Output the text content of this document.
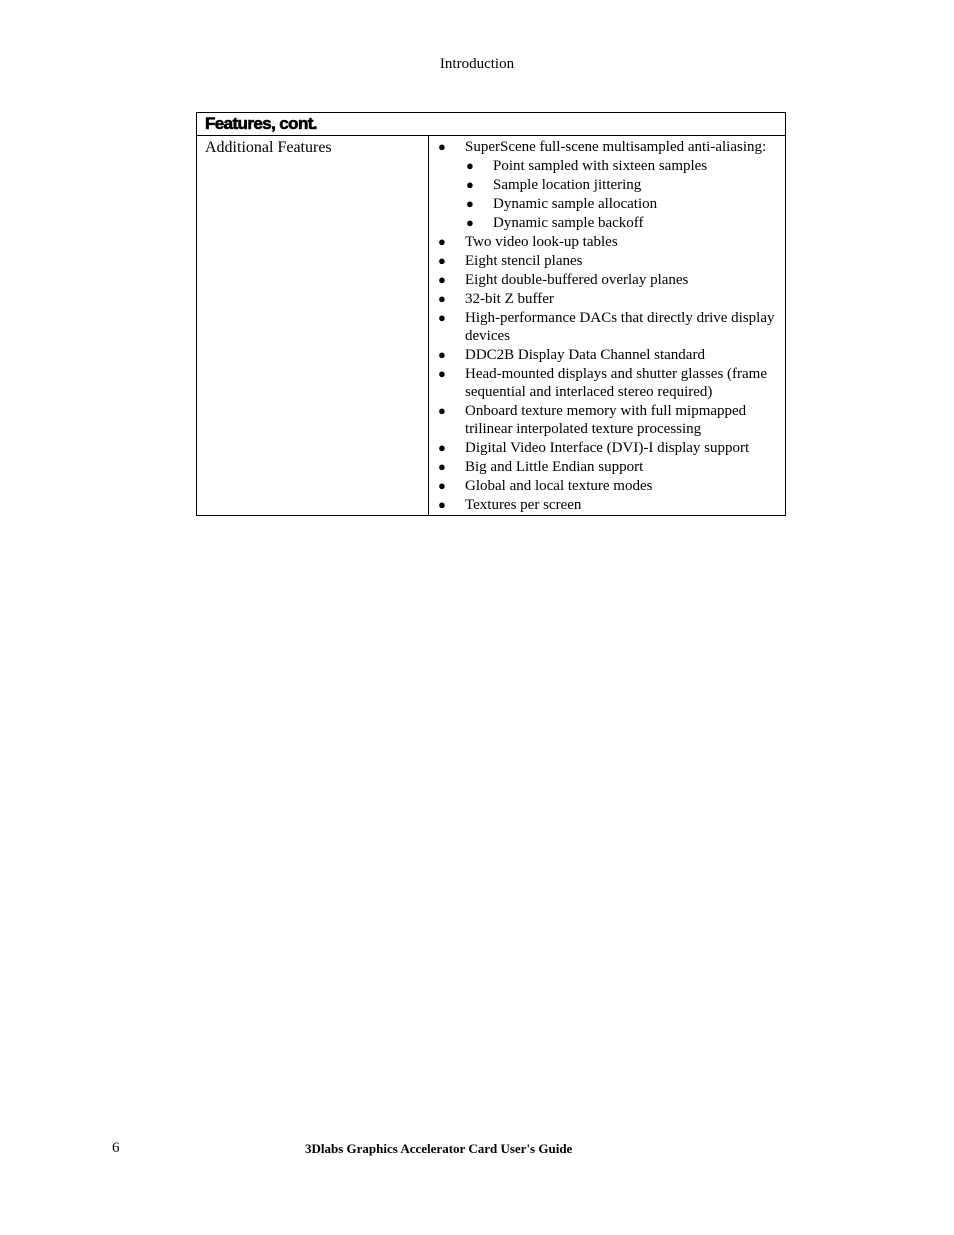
Introduction
Features, cont.
Additional Features	● SuperScene full-scene multisampled anti-aliasing:
● Point sampled with sixteen samples
● Sample location jittering
● Dynamic sample allocation
● Dynamic sample backoff
● Two video look-up tables
● Eight stencil planes
● Eight double-buffered overlay planes
● 32-bit Z buffer
● High-performance DACs that directly drive display devices
● DDC2B Display Data Channel standard
● Head-mounted displays and shutter glasses (frame sequential and interlaced stereo required)
● Onboard texture memory with full mipmapped trilinear interpolated texture processing
● Digital Video Interface (DVI)-I display support
● Big and Little Endian support
● Global and local texture modes
● Textures per screen
6	3Dlabs Graphics Accelerator Card User's Guide
